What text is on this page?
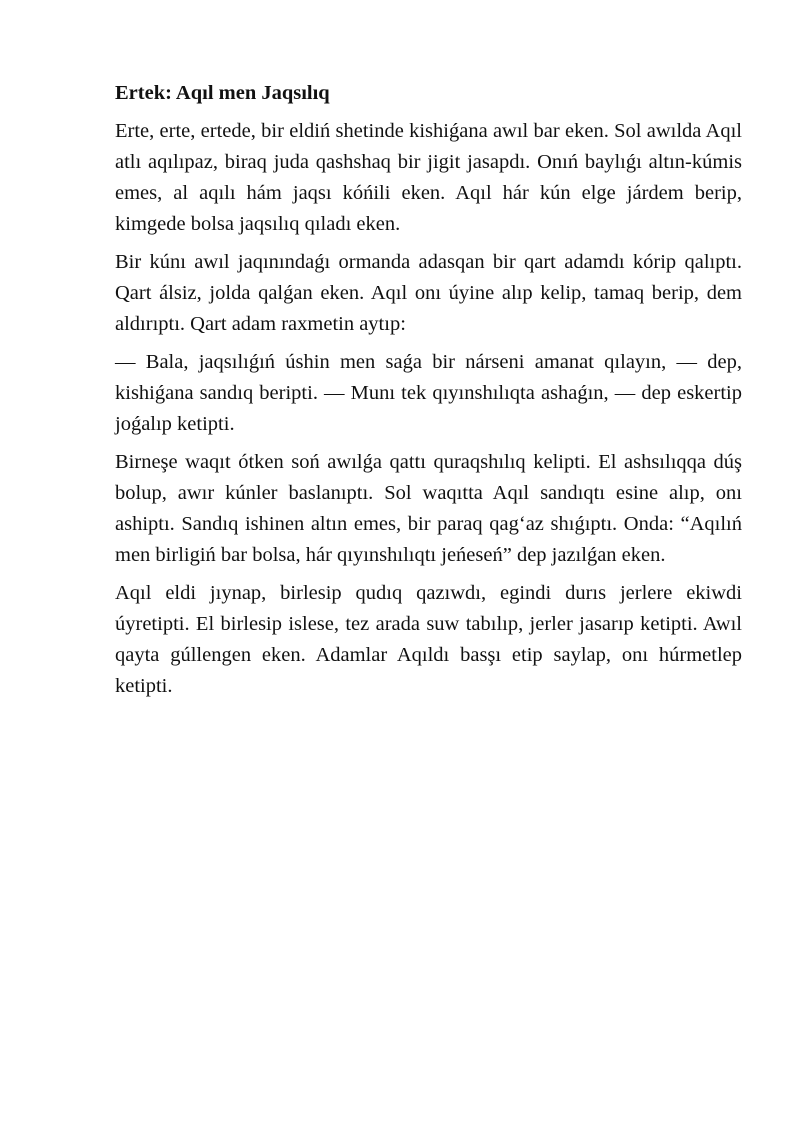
Ertek: Aqıl men Jaqsılıq

Erte, erte, ertede, bir eldiń shetinde kishiǵana awıl bar eken. Sol awılda Aqıl atlı aqılıpaz, biraq juda qashshaq bir jigit jasapdı. Onıń baylıǵı altın-kúmis emes, al aqılı hám jaqsı kóńili eken. Aqıl hár kún elge járdem berip, kimgede bolsa jaqsılıq qıladı eken.

Bir kúnı awıl jaqınındaǵı ormanda adasqan bir qart adamdı kórip qalıptı. Qart álsiz, jolda qalǵan eken. Aqıl onı úyine alıp kelip, tamaq berip, dem aldırıptı. Qart adam raxmetin aytıp:

— Bala, jaqsılıǵıń úshin men saǵa bir nárseni amanat qılayın, — dep, kishiǵana sandıq beripti. — Munı tek qıyınshılıqta ashaǵın, — dep eskertip joǵalıp ketipti.

Birneşe waqıt ótken soń awılǵa qattı quraqshılıq kelipti. El ashsılıqqa dúş bolup, awır kúnler baslanıptı. Sol waqıtta Aqıl sandıqtı esine alıp, onı ashiptı. Sandıq ishinen altın emes, bir paraq qagʻaz shıǵıptı. Onda: “Aqılıń men birligiń bar bolsa, hár qıyınshılıqtı jeńeseń” dep jazılǵan eken.

Aqıl eldi jıynap, birlesip qudıq qazıwdı, egindi durıs jerlere ekiwdi úyretipti. El birlesip islese, tez arada suw tabılıp, jerler jasarıp ketipti. Awıl qayta gúllengen eken. Adamlar Aqıldı basşı etip saylap, onı húrmetlep ketipti.
